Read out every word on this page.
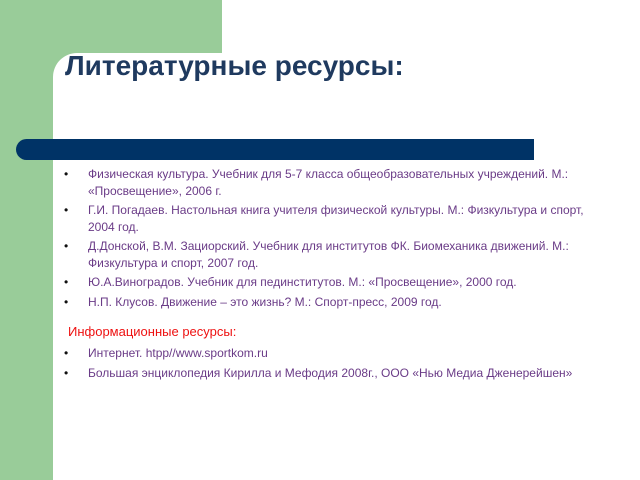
Литературные ресурсы:
• Физическая культура. Учебник для 5-7 класса общеобразовательных учреждений. М.: «Просвещение», 2006 г.
• Г.И. Погадаев. Настольная книга учителя физической культуры. М.: Физкультура и спорт, 2004 год.
• Д.Донской, В.М. Зациорский. Учебник для институтов ФК. Биомеханика движений. М.: Физкультура и спорт, 2007 год.
• Ю.А.Виноградов. Учебник для пединститутов. М.: «Просвещение», 2000 год.
• Н.П. Клусов. Движение – это жизнь? М.: Спорт-пресс, 2009 год.
Информационные ресурсы:
• Интернет. htpp//www.sportkom.ru
• Большая энциклопедия Кирилла и Мефодия 2008г., ООО «Нью Медиа Дженерейшен»
